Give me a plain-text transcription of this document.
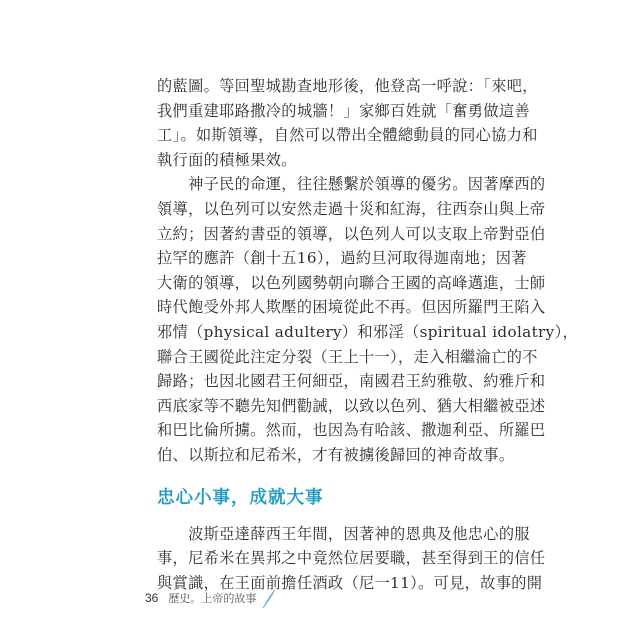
的藍圖。等回聖城勘查地形後，他登高一呼說：「來吧，
我們重建耶路撒冷的城牆！」家鄉百姓就「奮勇做這善
工」。如斯領導，自然可以帶出全體總動員的同心協力和
執行面的積極果效。
　　神子民的命運，往往懸繫於領導的優劣。因著摩西的
領導，以色列可以安然走過十災和紅海，往西奈山與上帝
立約；因著約書亞的領導，以色列人可以支取上帝對亞伯
拉罕的應許（創十五16），過約旦河取得迦南地；因著
大衛的領導，以色列國勢朝向聯合王國的高峰邁進，士師
時代飽受外邦人欺壓的困境從此不再。但因所羅門王陷入
邪情（physical adultery）和邪淫（spiritual idolatry），
聯合王國從此注定分裂（王上十一），走入相繼淪亡的不
歸路；也因北國君王何細亞，南國君王約雅敬、約雅斤和
西底家等不聽先知們勸誡，以致以色列、猶大相繼被亞述
和巴比倫所擄。然而，也因為有哈該、撒迦利亞、所羅巴
伯、以斯拉和尼希米，才有被擄後歸回的神奇故事。
忠心小事，成就大事
　　波斯亞達薛西王年間，因著神的恩典及他忠心的服
事，尼希米在異邦之中竟然位居要職，甚至得到王的信任
與賞識，在王面前擔任酒政（尼一11）。可見，故事的開
36 歷史。上帝的故事
